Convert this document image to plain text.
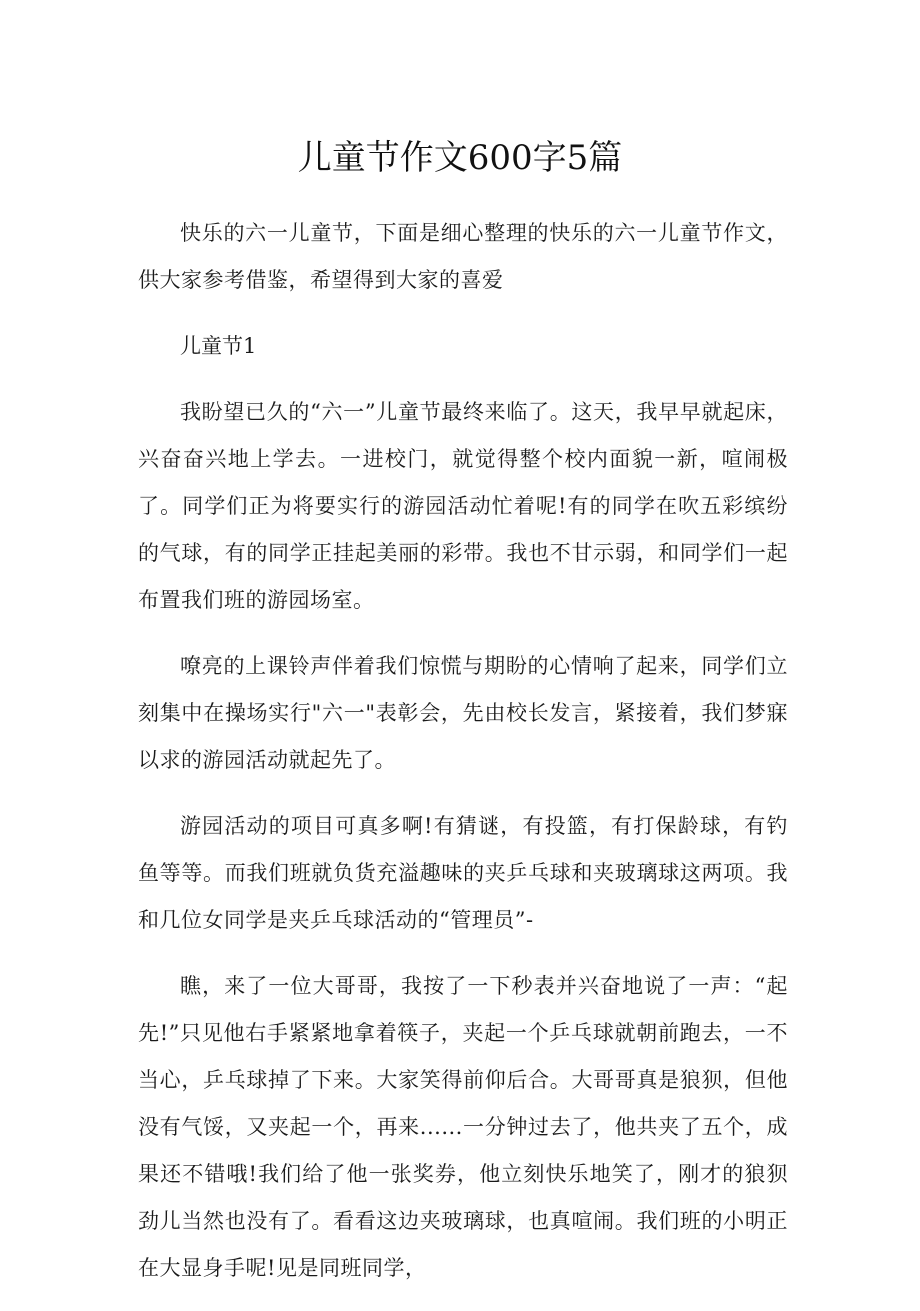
儿童节作文600字5篇

快乐的六一儿童节，下面是细心整理的快乐的六一儿童节作文，供大家参考借鉴，希望得到大家的喜爱

儿童节1

我盼望已久的“六一”儿童节最终来临了。这天，我早早就起床，兴奋奋兴地上学去。一进校门，就觉得整个校内面貌一新，喧闹极了。同学们正为将要实行的游园活动忙着呢!有的同学在吹五彩缤纷的气球，有的同学正挂起美丽的彩带。我也不甘示弱，和同学们一起布置我们班的游园场室。

嘹亮的上课铃声伴着我们惊慌与期盼的心情响了起来，同学们立刻集中在操场实行"六一"表彰会，先由校长发言，紧接着，我们梦寐以求的游园活动就起先了。

游园活动的项目可真多啊!有猜谜，有投篮，有打保龄球，有钓鱼等等。而我们班就负货充溢趣味的夹乒乓球和夹玻璃球这两项。我和几位女同学是夹乒乓球活动的“管理员”-

瞧，来了一位大哥哥，我按了一下秒表并兴奋地说了一声：“起先!”只见他右手紧紧地拿着筷子，夹起一个乒乓球就朝前跑去，一不当心，乒乓球掉了下来。大家笑得前仰后合。大哥哥真是狼狈，但他没有气馁，又夹起一个，再来......一分钟过去了，他共夹了五个，成果还不错哦!我们给了他一张奖券，他立刻快乐地笑了，刚才的狼狈劲儿当然也没有了。看看这边夹玻璃球，也真喧闹。我们班的小明正在大显身手呢!见是同班同学，
